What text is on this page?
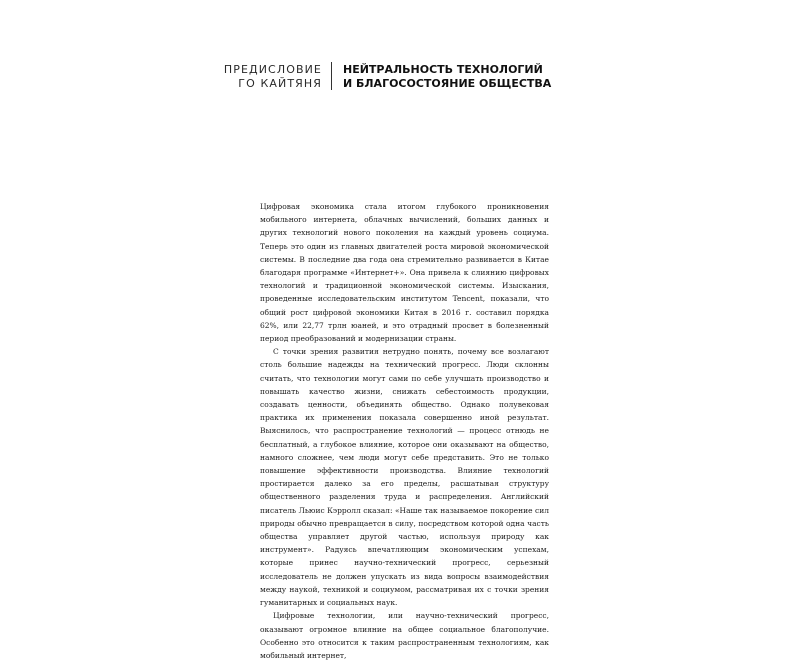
ПРЕДИСЛОВИЕ
ГО КАЙТЯНЯ
НЕЙТРАЛЬНОСТЬ ТЕХНОЛОГИЙ
И БЛАГОСОСТОЯНИЕ ОБЩЕСТВА

Цифровая экономика стала итогом глубокого проникновения мобильного интернета, облачных вычислений, больших данных и других технологий нового поколения на каждый уровень социума. Теперь это один из главных двигателей роста мировой экономической системы. В последние два года она стремительно развивается в Китае благодаря программе «Интернет+». Она привела к слиянию цифровых технологий и традиционной экономической системы. Изыскания, проведенные исследовательским институтом Tencent, показали, что общий рост цифровой экономики Китая в 2016 г. составил порядка 62%, или 22,77 трлн юаней, и это отрадный просвет в болезненный период преобразований и модернизации страны.

С точки зрения развития нетрудно понять, почему все возлагают столь большие надежды на технический прогресс. Люди склонны считать, что технологии могут сами по себе улучшать производство и повышать качество жизни, снижать себестоимость продукции, создавать ценности, объединять общество. Однако полувековая практика их применения показала совершенно иной результат. Выяснилось, что распространение технологий — процесс отнюдь не бесплатный, а глубокое влияние, которое они оказывают на общество, намного сложнее, чем люди могут себе представить. Это не только повышение эффективности производства. Влияние технологий простирается далеко за его пределы, расшатывая структуру общественного разделения труда и распределения. Английский писатель Льюис Кэрролл сказал: «Наше так называемое покорение сил природы обычно превращается в силу, посредством которой одна часть общества управляет другой частью, используя природу как инструмент». Радуясь впечатляющим экономическим успехам, которые принес научно-технический прогресс, серьезный исследователь не должен упускать из вида вопросы взаимодействия между наукой, техникой и социумом, рассматривая их с точки зрения гуманитарных и социальных наук.

Цифровые технологии, или научно-технический прогресс, оказывают огромное влияние на общее социальное благополучие. Особенно это относится к таким распространенным технологиям, как мобильный интернет,
